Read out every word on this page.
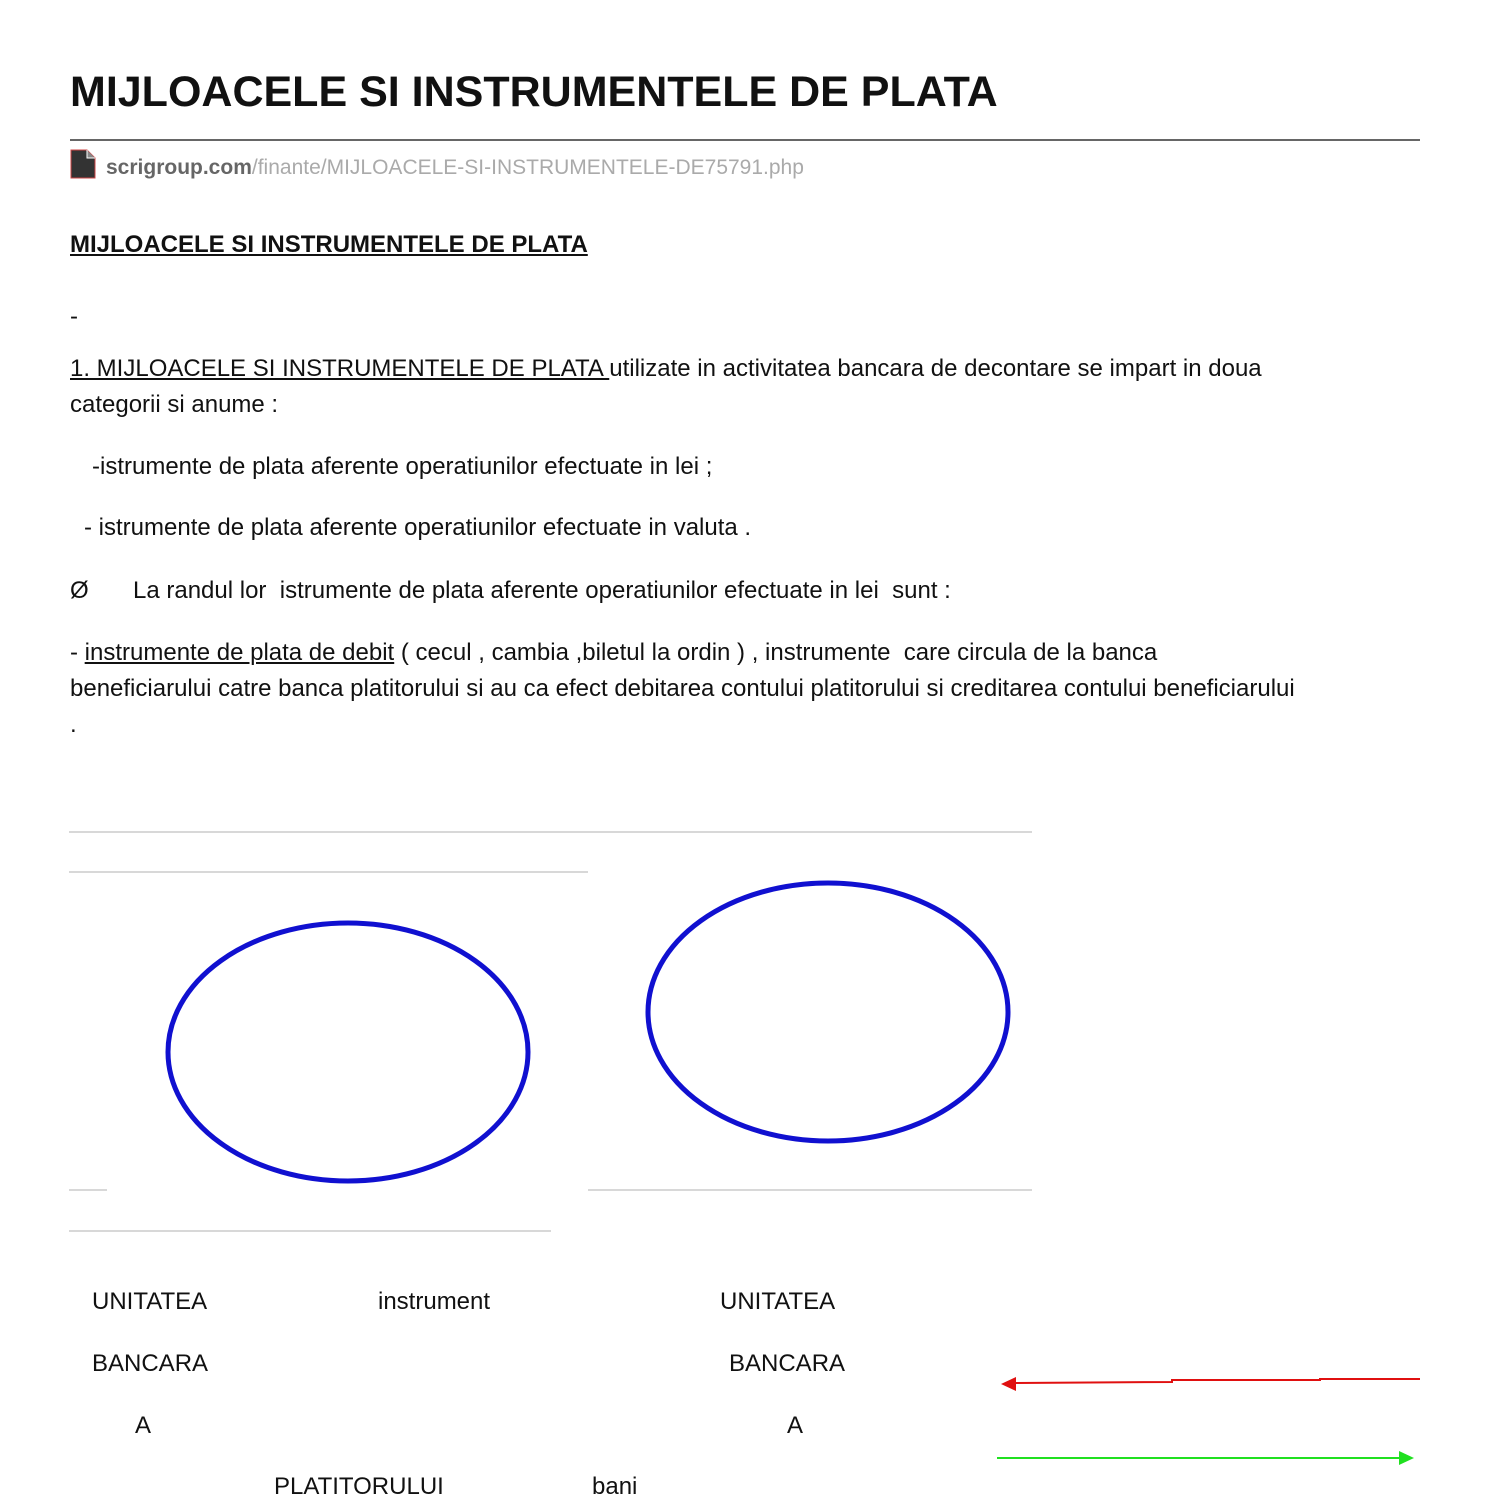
MIJLOACELE SI INSTRUMENTELE DE PLATA
scrigroup.com /finante/MIJLOACELE-SI-INSTRUMENTELE-DE75791.php
MIJLOACELE SI INSTRUMENTELE DE PLATA
-
1. MIJLOACELE SI INSTRUMENTELE DE PLATA utilizate in activitatea bancara de decontare se impart in doua
categorii si anume :
-istrumente de plata aferente operatiunilor efectuate in lei ;
- istrumente de plata aferente operatiunilor efectuate in valuta .
Ø La randul lor  istrumente de plata aferente operatiunilor efectuate in lei  sunt :
- instrumente de plata de debit ( cecul , cambia ,biletul la ordin ) , instrumente  care circula de la banca
beneficiarului catre banca platitorului si au ca efect debitarea contului platitorului si creditarea contului beneficiarului
.
UNITATEA
BANCARA
A
instrument	UNITATEA
BANCARA
A
PLATITORULUI	bani
